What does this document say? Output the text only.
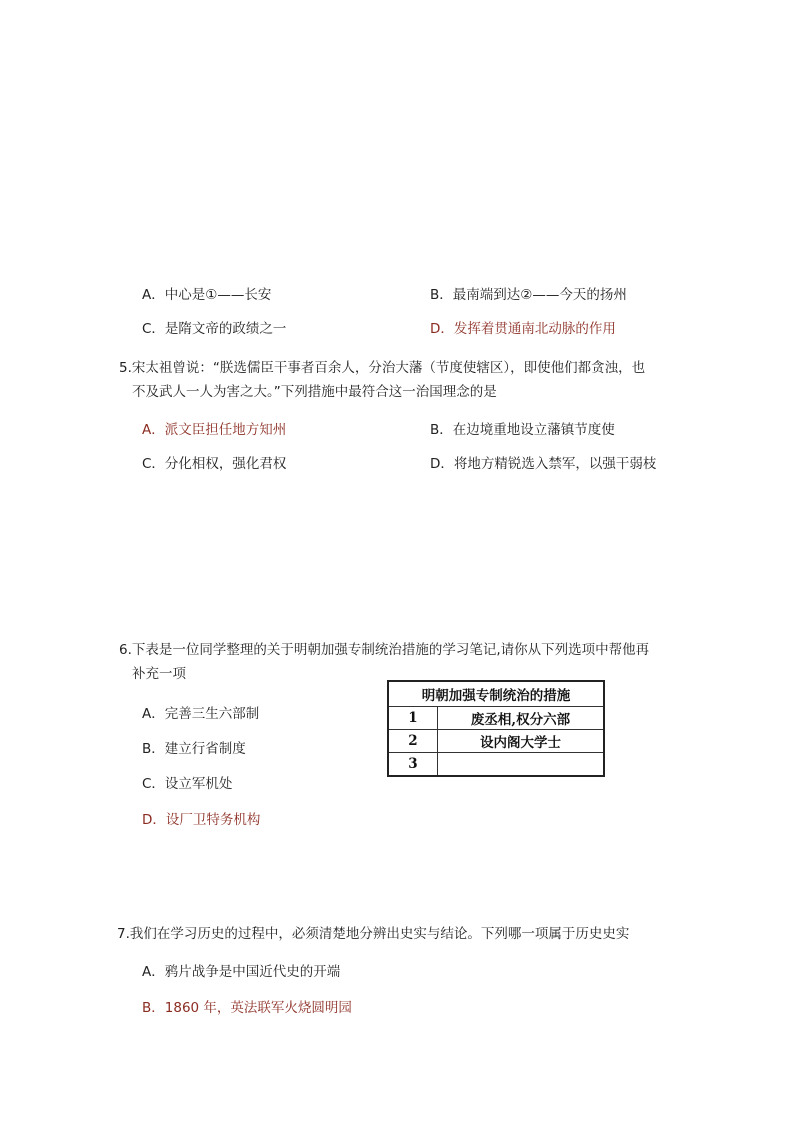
A．中心是①——长安	B．最南端到达②——今天的扬州
C．是隋文帝的政绩之一	D．发挥着贯通南北动脉的作用
5.宋太祖曾说：“朕选儒臣干事者百余人，分治大藩（节度使辖区），即使他们都贪浊，也
不及武人一人为害之大。”下列措施中最符合这一治国理念的是
A．派文臣担任地方知州	B．在边境重地设立藩镇节度使
C．分化相权，强化君权	D．将地方精锐选入禁军，以强干弱枝
6.下表是一位同学整理的关于明朝加强专制统治措施的学习笔记,请你从下列选项中帮他再
补充一项
A．完善三生六部制
B．建立行省制度
C．设立军机处
D．设厂卫特务机构
明朝加强专制统治的措施	
1	废丞相,权分六部
2	设内阁大学士
3	
7.我们在学习历史的过程中，必须清楚地分辨出史实与结论。下列哪一项属于历史史实
A．鸦片战争是中国近代史的开端
B．1860 年，英法联军火烧圆明园
